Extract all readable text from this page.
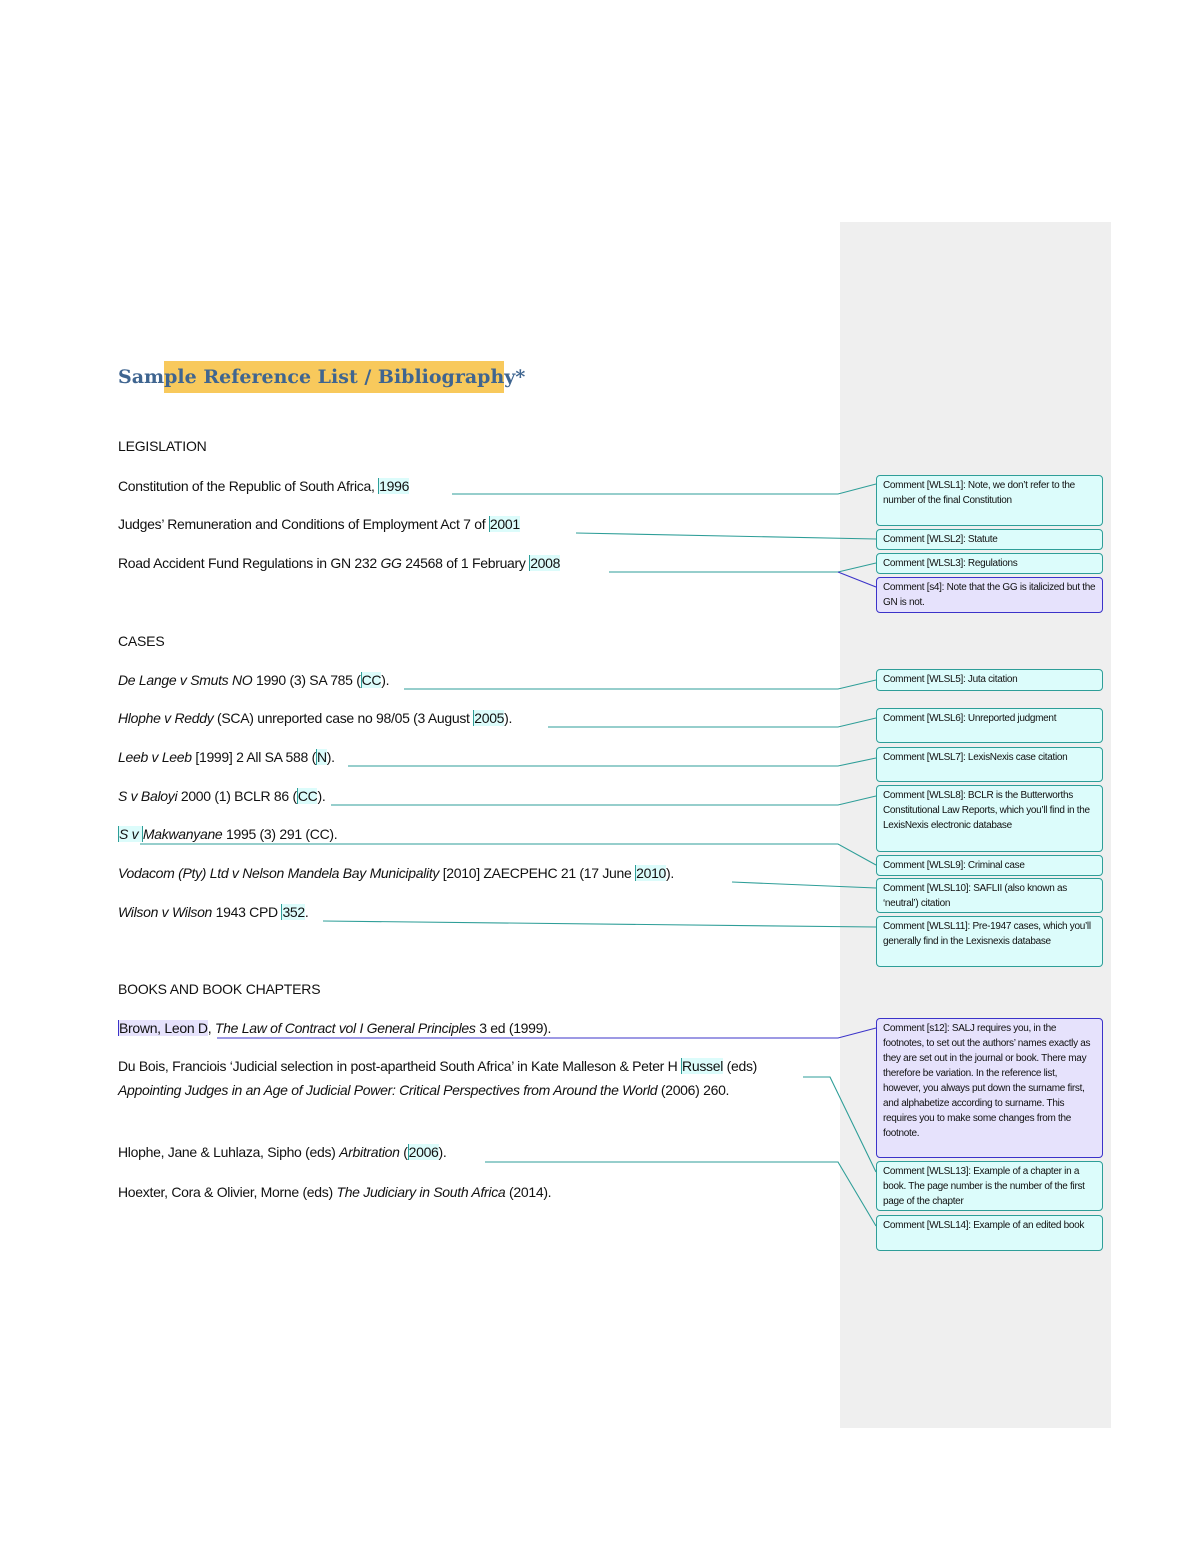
Sample Reference List / Bibliography*
LEGISLATION
Constitution of the Republic of South Africa, 1996
Judges’ Remuneration and Conditions of Employment Act 7 of 2001
Road Accident Fund Regulations in GN 232 GG 24568 of 1 February 2008
CASES
De Lange v Smuts NO 1990 (3) SA 785 (CC).
Hlophe v Reddy (SCA) unreported case no 98/05 (3 August 2005).
Leeb v Leeb [1999] 2 All SA 588 (N).
S v Baloyi 2000 (1) BCLR 86 (CC).
S v Makwanyane 1995 (3) 291 (CC).
Vodacom (Pty) Ltd v Nelson Mandela Bay Municipality [2010] ZAECPEHC 21 (17 June 2010).
Wilson v Wilson 1943 CPD 352.
BOOKS AND BOOK CHAPTERS
Brown, Leon D, The Law of Contract vol I General Principles 3 ed (1999).
Du Bois, Franciois ‘Judicial selection in post-apartheid South Africa’ in Kate Malleson & Peter H Russel (eds) Appointing Judges in an Age of Judicial Power: Critical Perspectives from Around the World (2006) 260.
Hlophe, Jane & Luhlaza, Sipho (eds) Arbitration (2006).
Hoexter, Cora & Olivier, Morne (eds) The Judiciary in South Africa (2014).
Comment [WLSL1]: Note, we don’t refer to the number of the final Constitution
Comment [WLSL2]: Statute
Comment [WLSL3]: Regulations
Comment [s4]: Note that the GG is italicized but the GN is not.
Comment [WLSL5]: Juta citation
Comment [WLSL6]: Unreported judgment
Comment [WLSL7]: LexisNexis case citation
Comment [WLSL8]: BCLR is the Butterworths Constitutional Law Reports, which you’ll find in the LexisNexis electronic database
Comment [WLSL9]: Criminal case
Comment [WLSL10]: SAFLII (also known as ‘neutral’) citation
Comment [WLSL11]: Pre-1947 cases, which you’ll generally find in the Lexisnexis database
Comment [s12]: SALJ requires you, in the footnotes, to set out the authors’ names exactly as they are set out in the journal or book. There may therefore be variation. In the reference list, however, you always put down the surname first, and alphabetize according to surname. This requires you to make some changes from the footnote.
Comment [WLSL13]: Example of a chapter in a book. The page number is the number of the first page of the chapter
Comment [WLSL14]: Example of an edited book
